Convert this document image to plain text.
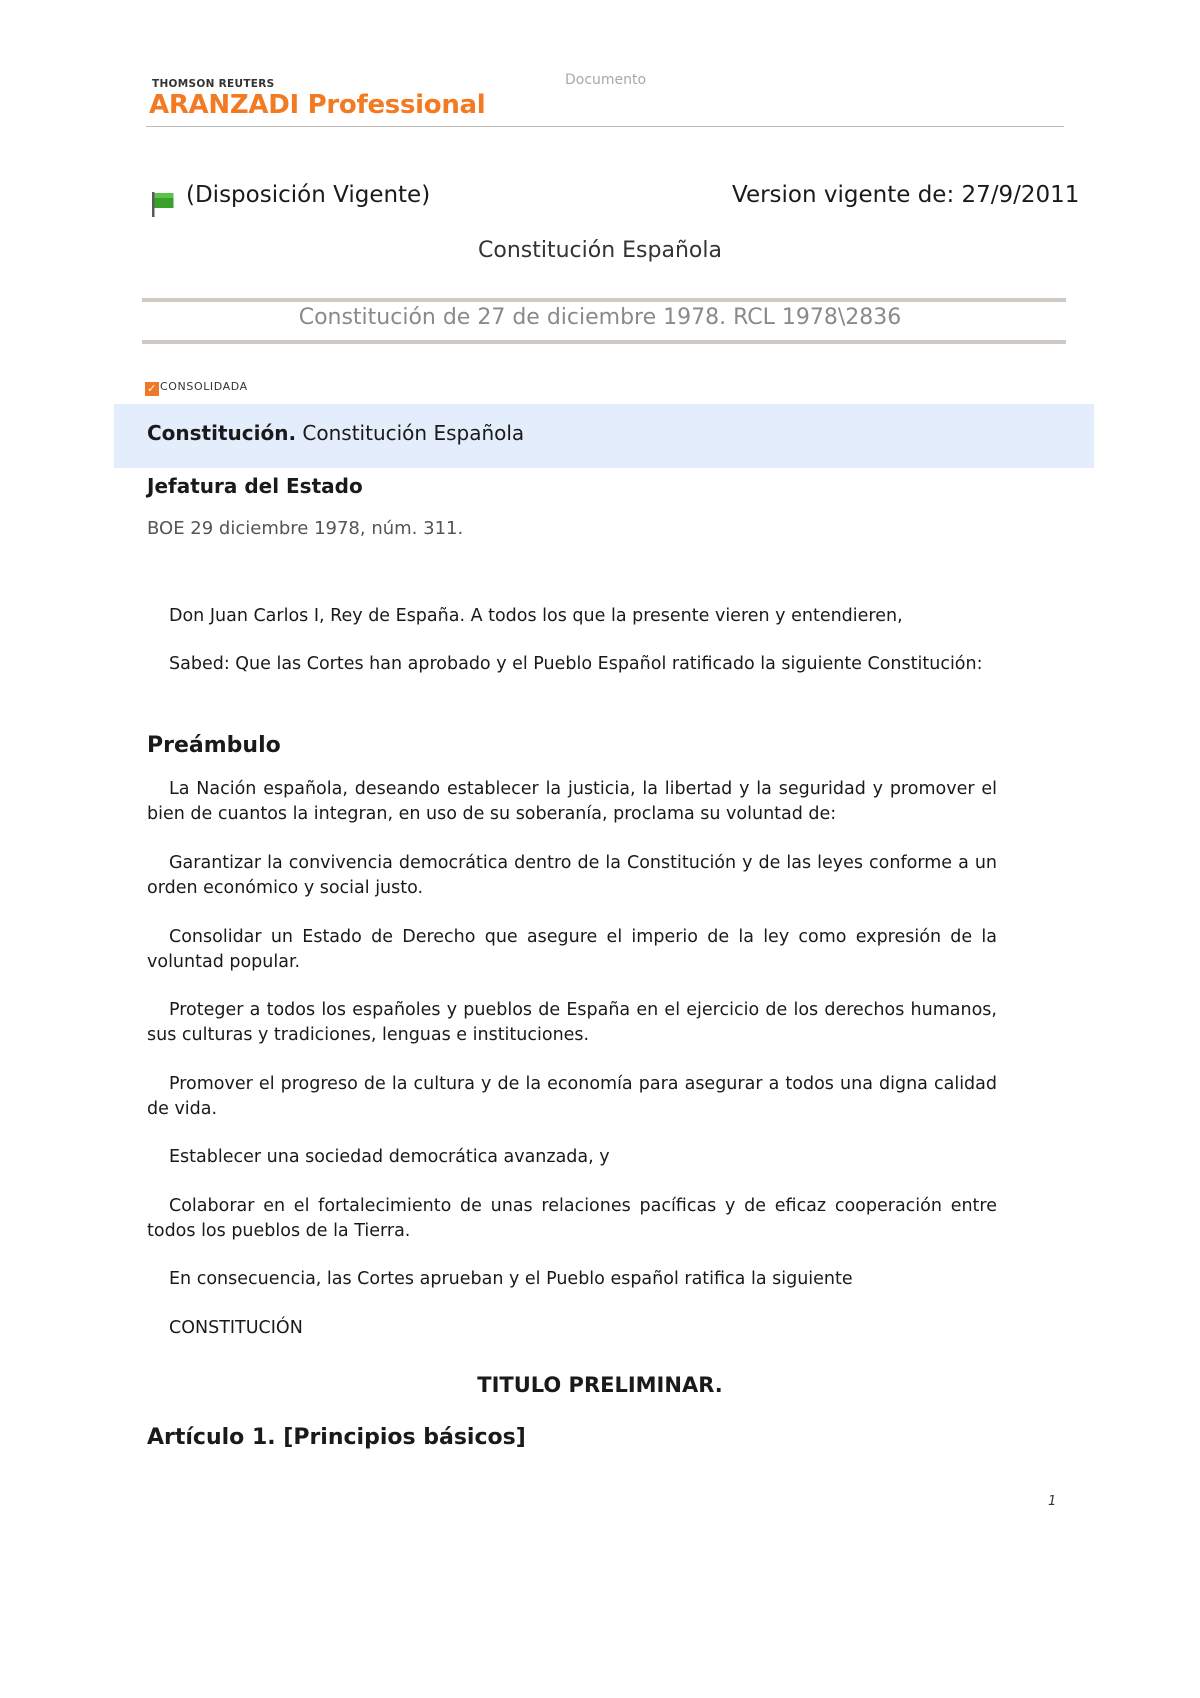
THOMSON REUTERS
ARANZADI Professional
Documento
(Disposición Vigente)	Version vigente de: 27/9/2011
Constitución Española
Constitución de 27 de diciembre 1978. RCL 1978\2836
✓ CONSOLIDADA
Constitución. Constitución Española
Jefatura del Estado
BOE 29 diciembre 1978, núm. 311.
Don Juan Carlos I, Rey de España. A todos los que la presente vieren y entendieren,
Sabed: Que las Cortes han aprobado y el Pueblo Español ratificado la siguiente Constitución:
Preámbulo
La Nación española, deseando establecer la justicia, la libertad y la seguridad y promover el bien de cuantos la integran, en uso de su soberanía, proclama su voluntad de:
Garantizar la convivencia democrática dentro de la Constitución y de las leyes conforme a un orden económico y social justo.
Consolidar un Estado de Derecho que asegure el imperio de la ley como expresión de la voluntad popular.
Proteger a todos los españoles y pueblos de España en el ejercicio de los derechos humanos, sus culturas y tradiciones, lenguas e instituciones.
Promover el progreso de la cultura y de la economía para asegurar a todos una digna calidad de vida.
Establecer una sociedad democrática avanzada, y
Colaborar en el fortalecimiento de unas relaciones pacíficas y de eficaz cooperación entre todos los pueblos de la Tierra.
En consecuencia, las Cortes aprueban y el Pueblo español ratifica la siguiente
CONSTITUCIÓN
TITULO PRELIMINAR.
Artículo 1. [Principios básicos]
1
